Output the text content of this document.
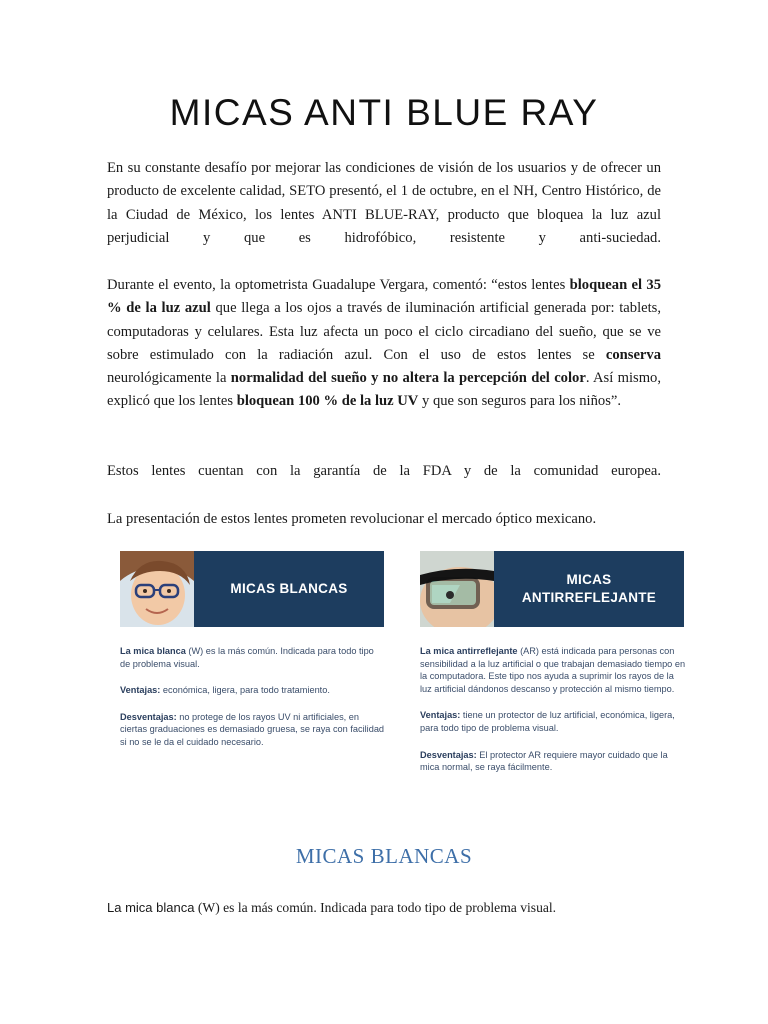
MICAS ANTI BLUE RAY

En su constante desafío por mejorar las condiciones de visión de los usuarios y de ofrecer un producto de excelente calidad, SETO presentó, el 1 de octubre, en el NH, Centro Histórico, de la Ciudad de México, los lentes ANTI BLUE-RAY, producto que bloquea la luz azul perjudicial y que es hidrofóbico, resistente y anti-suciedad.

Durante el evento, la optometrista Guadalupe Vergara, comentó: “estos lentes bloquean el 35 % de la luz azul que llega a los ojos a través de iluminación artificial generada por: tablets, computadoras y celulares. Esta luz afecta un poco el ciclo circadiano del sueño, que se ve sobre estimulado con la radiación azul. Con el uso de estos lentes se conserva neurológicamente la normalidad del sueño y no altera la percepción del color. Así mismo, explicó que los lentes bloquean 100 % de la luz UV y que son seguros para los niños”.

Estos lentes cuentan con la garantía de la FDA y de la comunidad europea.

La presentación de estos lentes prometen revolucionar el mercado óptico mexicano.

MICAS BLANCAS

La mica blanca (W) es la más común. Indicada para todo tipo de problema visual.

Ventajas: económica, ligera, para todo tratamiento.

Desventajas: no protege de los rayos UV ni artificiales, en ciertas graduaciones es demasiado gruesa, se raya con facilidad si no se le da el cuidado necesario.

MICAS
ANTIRREFLEJANTE

La mica antirreflejante (AR) está indicada para personas con sensibilidad a la luz artificial o que trabajan demasiado tiempo en la computadora. Este tipo nos ayuda a suprimir los rayos de la luz artificial dándonos descanso y protección al mismo tiempo.

Ventajas: tiene un protector de luz artificial, económica, ligera, para todo tipo de problema visual.

Desventajas: El protector AR requiere mayor cuidado que la mica normal, se raya fácilmente.

MICAS BLANCAS

La mica blanca (W) es la más común. Indicada para todo tipo de problema visual.
